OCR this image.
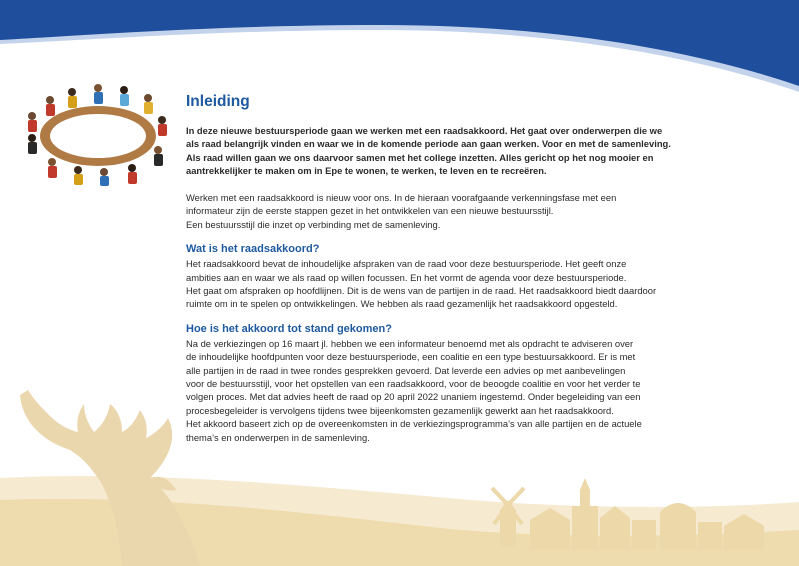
Inleiding

In deze nieuwe bestuursperiode gaan we werken met een raadsakkoord. Het gaat over onderwerpen die we
als raad belangrijk vinden en waar we in de komende periode aan gaan werken. Voor en met de samenleving.
Als raad willen gaan we ons daarvoor samen met het college inzetten. Alles gericht op het nog mooier en
aantrekkelijker te maken om in Epe te wonen, te werken, te leven en te recreëren.

Werken met een raadsakkoord is nieuw voor ons. In de hieraan voorafgaande verkenningsfase met een
informateur zijn de eerste stappen gezet in het ontwikkelen van een nieuwe bestuursstijl.
Een bestuursstijl die inzet op verbinding met de samenleving.

Wat is het raadsakkoord?

Het raadsakkoord bevat de inhoudelijke afspraken van de raad voor deze bestuursperiode. Het geeft onze
ambities aan en waar we als raad op willen focussen. En het vormt de agenda voor deze bestuursperiode.
Het gaat om afspraken op hoofdlijnen. Dit is de wens van de partijen in de raad. Het raadsakkoord biedt daardoor
ruimte om in te spelen op ontwikkelingen. We hebben als raad gezamenlijk het raadsakkoord opgesteld.

Hoe is het akkoord tot stand gekomen?

Na de verkiezingen op 16 maart jl. hebben we een informateur benoemd met als opdracht te adviseren over
de inhoudelijke hoofdpunten voor deze bestuursperiode, een coalitie en een type bestuursakkoord. Er is met
alle partijen in de raad in twee rondes gesprekken gevoerd. Dat leverde een advies op met aanbevelingen
voor de bestuursstijl, voor het opstellen van een raadsakkoord, voor de beoogde coalitie en voor het verder te
volgen proces. Met dat advies heeft de raad op 20 april 2022 unaniem ingestemd. Onder begeleiding van een
procesbegeleider is vervolgens tijdens twee bijeenkomsten gezamenlijk gewerkt aan het raadsakkoord.
Het akkoord baseert zich op de overeenkomsten in de verkiezingsprogramma’s van alle partijen en de actuele
thema’s en onderwerpen in de samenleving.
